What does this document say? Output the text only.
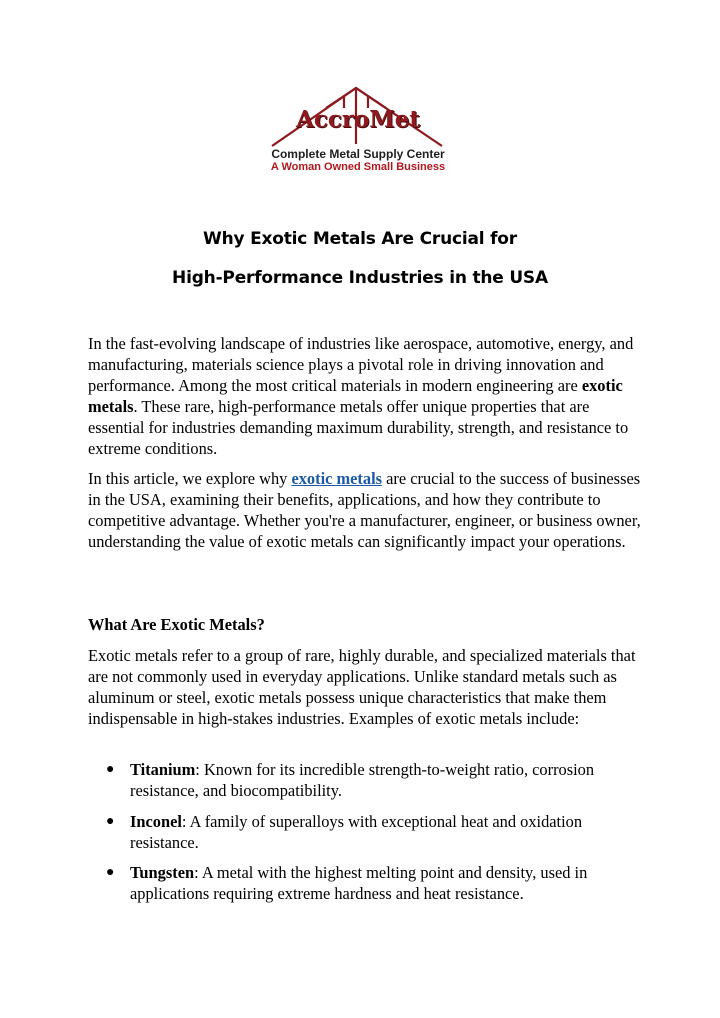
AccroMet
Complete Metal Supply Center
A Woman Owned Small Business
Why Exotic Metals Are Crucial for
High-Performance Industries in the USA
In the fast-evolving landscape of industries like aerospace, automotive, energy, and manufacturing, materials science plays a pivotal role in driving innovation and performance. Among the most critical materials in modern engineering are exotic metals. These rare, high-performance metals offer unique properties that are essential for industries demanding maximum durability, strength, and resistance to extreme conditions.
In this article, we explore why exotic metals are crucial to the success of businesses in the USA, examining their benefits, applications, and how they contribute to competitive advantage. Whether you're a manufacturer, engineer, or business owner, understanding the value of exotic metals can significantly impact your operations.
What Are Exotic Metals?
Exotic metals refer to a group of rare, highly durable, and specialized materials that are not commonly used in everyday applications. Unlike standard metals such as aluminum or steel, exotic metals possess unique characteristics that make them indispensable in high-stakes industries. Examples of exotic metals include:
● Titanium: Known for its incredible strength-to-weight ratio, corrosion resistance, and biocompatibility.
● Inconel: A family of superalloys with exceptional heat and oxidation resistance.
● Tungsten: A metal with the highest melting point and density, used in applications requiring extreme hardness and heat resistance.
